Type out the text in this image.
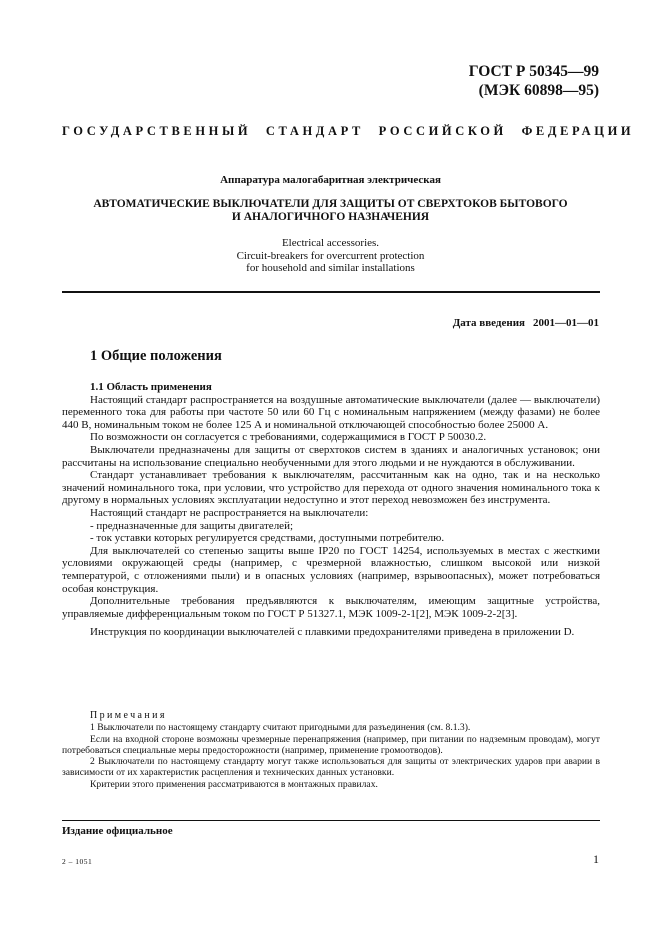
ГОСТ Р 50345—99
(МЭК 60898—95)
ГОСУДАРСТВЕННЫЙ СТАНДАРТ РОССИЙСКОЙ ФЕДЕРАЦИИ
Аппаратура малогабаритная электрическая
АВТОМАТИЧЕСКИЕ ВЫКЛЮЧАТЕЛИ ДЛЯ ЗАЩИТЫ ОТ СВЕРХТОКОВ БЫТОВОГО
И АНАЛОГИЧНОГО НАЗНАЧЕНИЯ
Electrical accessories.
Circuit-breakers for overcurrent protection
for household and similar installations
Дата введения 2001—01—01
1 Общие положения

1.1 Область применения

Настоящий стандарт распространяется на воздушные автоматические выключатели (далее — выключатели) переменного тока для работы при частоте 50 или 60 Гц с номинальным напряжением (между фазами) не более 440 В, номинальным током не более 125 А и номинальной отключающей способностью более 25000 А.

По возможности он согласуется с требованиями, содержащимися в ГОСТ Р 50030.2.

Выключатели предназначены для защиты от сверхтоков систем в зданиях и аналогичных установок; они рассчитаны на использование специально необученными для этого людьми и не нуждаются в обслуживании.

Стандарт устанавливает требования к выключателям, рассчитанным как на одно, так и на несколько значений номинального тока, при условии, что устройство для перехода от одного значения номинального тока к другому в нормальных условиях эксплуатации недоступно и этот переход невозможен без инструмента.

Настоящий стандарт не распространяется на выключатели:

- предназначенные для защиты двигателей;

- ток уставки которых регулируется средствами, доступными потребителю.

Для выключателей со степенью защиты выше IP20 по ГОСТ 14254, используемых в местах с жесткими условиями окружающей среды (например, с чрезмерной влажностью, слишком высокой или низкой температурой, с отложениями пыли) и в опасных условиях (например, взрывоопасных), может потребоваться особая конструкция.

Дополнительные требования предъявляются к выключателям, имеющим защитные устройства, управляемые дифференциальным током по ГОСТ Р 51327.1, МЭК 1009-2-1[2], МЭК 1009-2-2[3].

Инструкция по координации выключателей с плавкими предохранителями приведена в приложении D.

Примечания

1 Выключатели по настоящему стандарту считают пригодными для разъединения (см. 8.1.3).

Если на входной стороне возможны чрезмерные перенапряжения (например, при питании по надземным проводам), могут потребоваться специальные меры предосторожности (например, применение громоотводов).

2 Выключатели по настоящему стандарту могут также использоваться для защиты от электрических ударов при аварии в зависимости от их характеристик расцепления и технических данных установки.

Критерии этого применения рассматриваются в монтажных правилах.

Издание официальное
2 – 1051	1
